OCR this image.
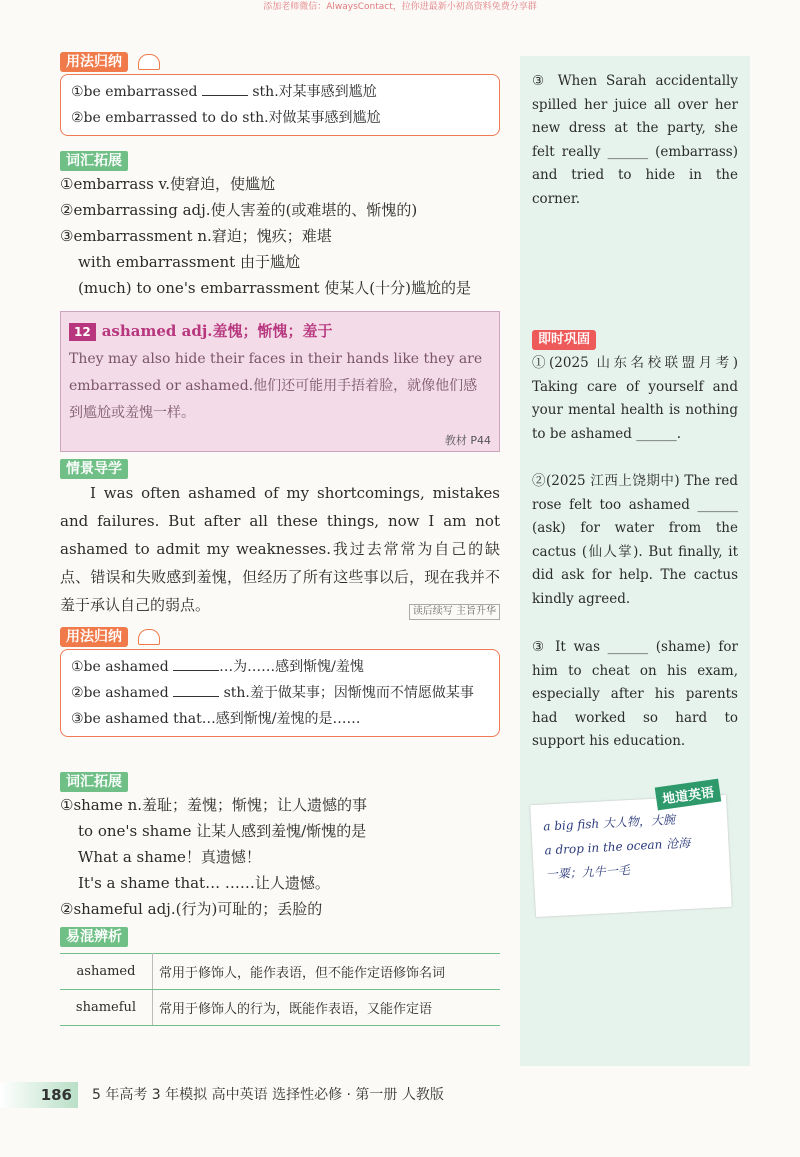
添加老师微信：AlwaysContact，拉你进最新小初高资料免费分享群
用法归纳
①be embarrassed	sth.对某事感到尴尬
②be embarrassed to do sth.对做某事感到尴尬
词汇拓展
①embarrass v.使窘迫，使尴尬
②embarrassing adj.使人害羞的(或难堪的、惭愧的)
③embarrassment n.窘迫；愧疚；难堪
with embarrassment 由于尴尬
(much) to one's embarrassment 使某人(十分)尴尬的是
12 ashamed adj.羞愧；惭愧；羞于
They may also hide their faces in their hands like they are embarrassed or ashamed.他们还可能用手捂着脸，就像他们感到尴尬或羞愧一样。
教材 P44
情景导学
I was often ashamed of my shortcomings, mistakes and failures. But after all these things, now I am not ashamed to admit my weaknesses.我过去常常为自己的缺点、错误和失败感到羞愧，但经历了所有这些事以后，现在我并不羞于承认自己的弱点。	读后续写 主旨升华
用法归纳
①be ashamed	…为……感到惭愧/羞愧
②be ashamed	sth.羞于做某事；因惭愧而不情愿做某事
③be ashamed that…感到惭愧/羞愧的是……
词汇拓展
①shame n.羞耻；羞愧；惭愧；让人遗憾的事
to one's shame 让某人感到羞愧/惭愧的是
What a shame！真遗憾！
It's a shame that… ……让人遗憾。
②shameful adj.(行为)可耻的；丢脸的
易混辨析
ashamed	常用于修饰人，能作表语，但不能作定语修饰名词
shameful	常用于修饰人的行为，既能作表语，又能作定语
③ When Sarah accidentally spilled her juice all over her new dress at the party, she felt really ______ (embarrass) and tried to hide in the corner.
即时巩固
①(2025 山东名校联盟月考) Taking care of yourself and your mental health is nothing to be ashamed ______.
②(2025 江西上饶期中) The red rose felt too ashamed ______ (ask) for water from the cactus (仙人掌). But finally, it did ask for help. The cactus kindly agreed.
③ It was ______ (shame) for him to cheat on his exam, especially after his parents had worked so hard to support his education.
a big fish 大人物，大腕
a drop in the ocean 沧海
一粟；九牛一毛
地道英语
186	5 年高考 3 年模拟 高中英语 选择性必修 · 第一册 人教版
